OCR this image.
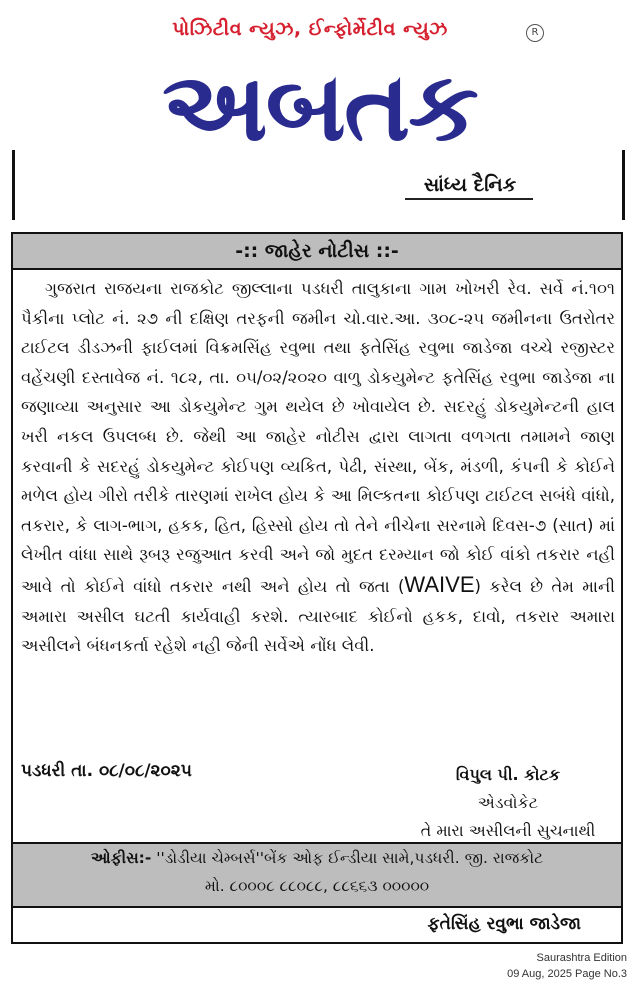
પોઝિટીવ ન્યુઝ, ઈન્ફોર્મેટીવ ન્યુઝ	R
અબતક
સાંધ્ય દૈનિક
-:: જાહેર નોટીસ ::-
ગુજરાત રાજયના રાજકોટ જીલ્લાના પડધરી તાલુકાના ગામ ખોખરી રેવ. સર્વે નં.૧૦૧ પૈકીના પ્લોટ નં. ૨૭ ની દક્ષિણ તરફની જમીન ચો.વાર.આ. ૩૦૮-૨૫ જમીનના ઉતરોતર ટાઈટલ ડીડઝની ફાઈલમાં વિક્રમસિંહ રવુભા તથા ફતેસિંહ રવુભા જાડેજા વચ્ચે રજીસ્ટર વહેંચણી દસ્તાવેજ નં. ૧૮૨, તા. ૦૫/૦૨/૨૦૨૦ વાળુ ડોકયુમેન્ટ ફતેસિંહ રવુભા જાડેજા ના જણાવ્યા અનુસાર આ ડોકયુમેન્ટ ગુમ થયેલ છે ખોવાયેલ છે. સદરહું ડોકયુમેન્ટની હાલ ખરી નકલ ઉપલબ્ધ છે. જેથી આ જાહેર નોટીસ દ્વારા લાગતા વળગતા તમામને જાણ કરવાની કે સદરહું ડોકયુમેન્ટ કોઈપણ વ્યકિત, પેઢી, સંસ્થા, બેંક, મંડળી, કંપની કે કોઈને મળેલ હોય ગીરો તરીકે તારણમાં રાખેલ હોય કે આ મિલ્કતના કોઈપણ ટાઈટલ સબંધે વાંધો, તકરાર, કે લાગ-ભાગ, હકક, હિત, હિસ્સો હોય તો તેને નીચેના સરનામે દિવસ-૭ (સાત) માં લેખીત વાંધા સાથે રૂબરૂ રજુઆત કરવી અને જો મુદત દરમ્યાન જો કોઈ વાંકો તકરાર નહી આવે તો કોઈને વાંધો તકરાર નથી અને હોય તો જતા (WAIVE) કરેલ છે તેમ માની અમારા અસીલ ઘટતી કાર્યવાહી કરશે. ત્યારબાદ કોઈનો હકક, દાવો, તકરાર અમારા અસીલને બંધનકર્તા રહેશે નહી જેની સર્વેએ નોંધ લેવી.
પડધરી તા. ૦૮/૦૮/૨૦૨૫	વિપુલ પી. કોટક
એડવોકેટ
તે મારા અસીલની સુચનાથી
ઓફીસ:- ''ડોડીયા ચેમ્બર્સ''બેંક ઓફ ઈન્ડીયા સામે,પડધરી. જી. રાજકોટ
મો. ૮૦૦૦૮ ૮૮૦૮૮, ૮૮૬૬૩ ૦૦૦૦૦
ફતેસિંહ રવુભા જાડેજા
Saurashtra Edition
09 Aug, 2025 Page No.3
